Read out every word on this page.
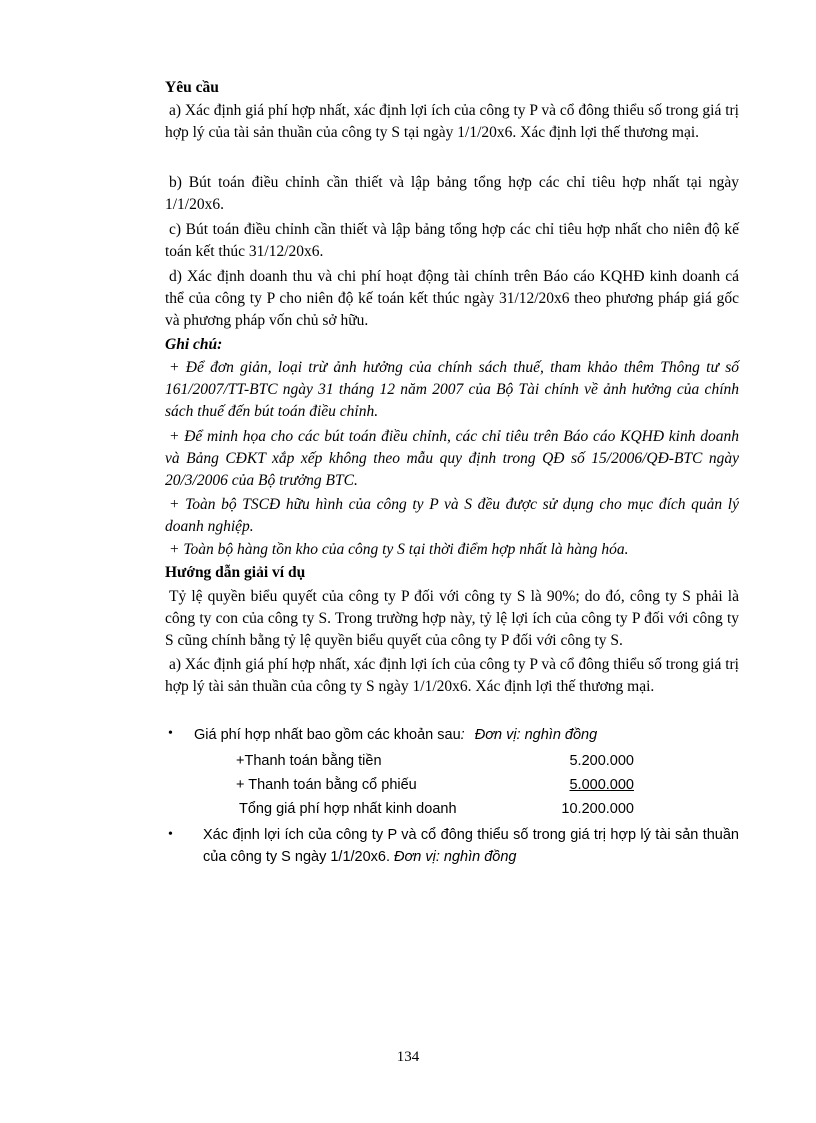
Yêu cầu

a) Xác định giá phí hợp nhất, xác định lợi ích của công ty P và cổ đông thiểu số trong giá trị hợp lý của tài sản thuần của công ty S tại ngày 1/1/20x6. Xác định lợi thế thương mại.

b) Bút toán điều chỉnh cần thiết và lập bảng tổng hợp các chỉ tiêu hợp nhất tại ngày 1/1/20x6.

c) Bút toán điều chỉnh cần thiết và lập bảng tổng hợp các chỉ tiêu hợp nhất cho niên độ kế toán kết thúc 31/12/20x6.

d) Xác định doanh thu và chi phí hoạt động tài chính trên Báo cáo KQHĐ kinh doanh cá thể của công ty P cho niên độ kế toán kết thúc ngày 31/12/20x6 theo phương pháp giá gốc và phương pháp vốn chủ sở hữu.

Ghi chú:

+ Để đơn giản, loại trừ ảnh hưởng của chính sách thuế, tham khảo thêm Thông tư số 161/2007/TT-BTC ngày 31 tháng 12 năm 2007 của Bộ Tài chính về ảnh hưởng của chính sách thuế đến bút toán điều chỉnh.

+ Để minh họa cho các bút toán điều chỉnh, các chỉ tiêu trên Báo cáo KQHĐ kinh doanh và Bảng CĐKT xắp xếp không theo mẫu quy định trong QĐ số 15/2006/QĐ-BTC ngày 20/3/2006 của Bộ trưởng BTC.

+ Toàn bộ TSCĐ hữu hình của công ty P và S đều được sử dụng cho mục đích quản lý doanh nghiệp.

+ Toàn bộ hàng tồn kho của công ty S tại thời điểm hợp nhất là hàng hóa.

Hướng dẫn giải ví dụ

Tỷ lệ quyền biểu quyết của công ty P đối với công ty S là 90%; do đó, công ty S phải là công ty con của công ty S. Trong trường hợp này, tỷ lệ lợi ích của công ty P đối với công ty S cũng chính bằng tỷ lệ quyền biểu quyết của công ty P đối với công ty S.

a) Xác định giá phí hợp nhất, xác định lợi ích của công ty P và cổ đông thiểu số trong giá trị hợp lý tài sản thuần của công ty S ngày 1/1/20x6. Xác định lợi thế thương mại.

• Giá phí hợp nhất bao gồm các khoản sau: Đơn vị: nghìn đồng
+Thanh toán bằng tiền	5.200.000
+ Thanh toán bằng cổ phiếu	5.000.000
Tổng giá phí hợp nhất kinh doanh	10.200.000
• Xác định lợi ích của công ty P và cổ đông thiểu số trong giá trị hợp lý tài sản thuần của công ty S ngày 1/1/20x6. Đơn vị: nghìn đồng

134
